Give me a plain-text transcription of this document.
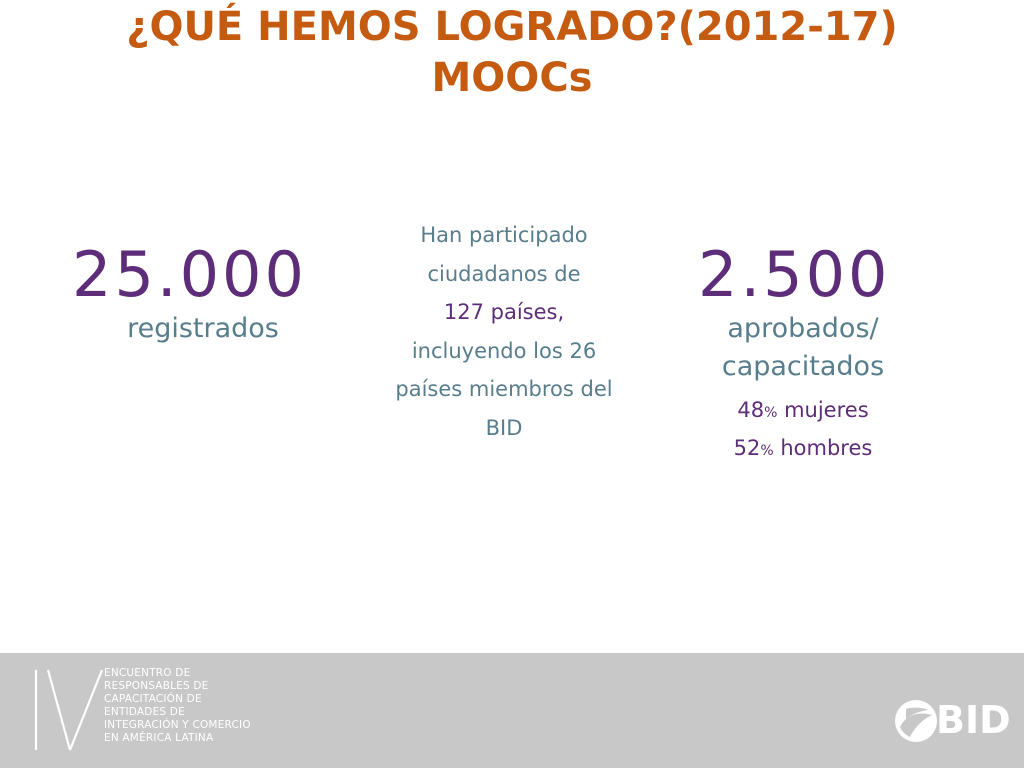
¿QUÉ HEMOS LOGRADO?(2012-17)
MOOCs
25.000
registrados
Han participado
ciudadanos de
127 países,
incluyendo los 26
países miembros del
BID
2.500
aprobados/
capacitados
48% mujeres
52% hombres
ENCUENTRO DE
RESPONSABLES DE
CAPACITACIÓN DE
ENTIDADES DE
INTEGRACIÓN Y COMERCIO
EN AMÉRICA LATINA	BID
